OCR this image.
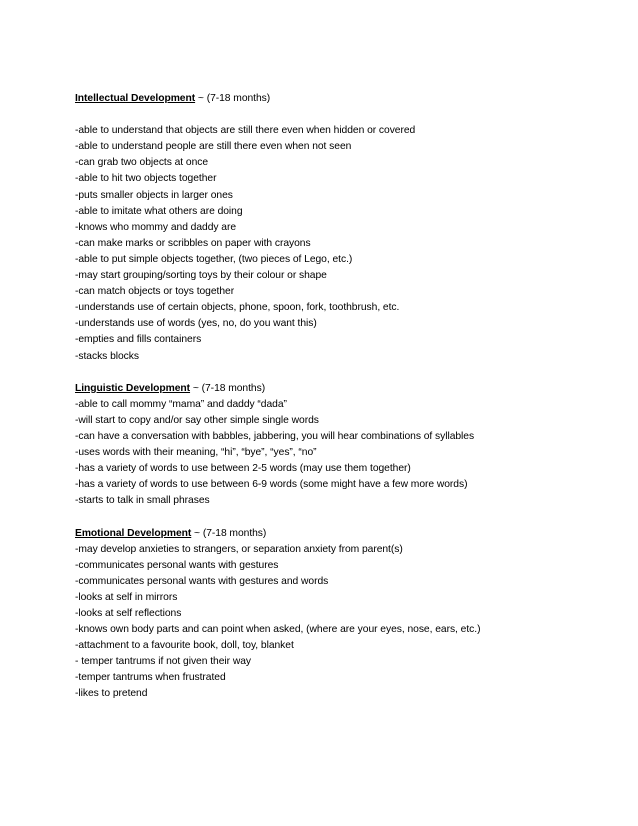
Intellectual Development ~ (7-18 months)
-able to understand that objects are still there even when hidden or covered
-able to understand people are still there even when not seen
-can grab two objects at once
-able to hit two objects together
-puts smaller objects in larger ones
-able to imitate what others are doing
-knows who mommy and daddy are
-can make marks or scribbles on paper with crayons
-able to put simple objects together, (two pieces of Lego, etc.)
-may start grouping/sorting toys by their colour or shape
-can match objects or toys together
-understands use of certain objects, phone, spoon, fork, toothbrush, etc.
-understands use of words (yes, no, do you want this)
-empties and fills containers
-stacks blocks
Linguistic Development ~ (7-18 months)
-able to call mommy “mama” and daddy “dada”
-will start to copy and/or say other simple single words
-can have a conversation with babbles, jabbering, you will hear combinations of syllables
-uses words with their meaning, “hi”, “bye”, “yes”, “no”
-has a variety of words to use between 2-5 words (may use them together)
-has a variety of words to use between 6-9 words (some might have a few more words)
-starts to talk in small phrases
Emotional Development ~ (7-18 months)
-may develop anxieties to strangers, or separation anxiety from parent(s)
-communicates personal wants with gestures
-communicates personal wants with gestures and words
-looks at self in mirrors
-looks at self reflections
-knows own body parts and can point when asked, (where are your eyes, nose, ears, etc.)
-attachment to a favourite book, doll, toy, blanket
- temper tantrums if not given their way
-temper tantrums when frustrated
-likes to pretend
